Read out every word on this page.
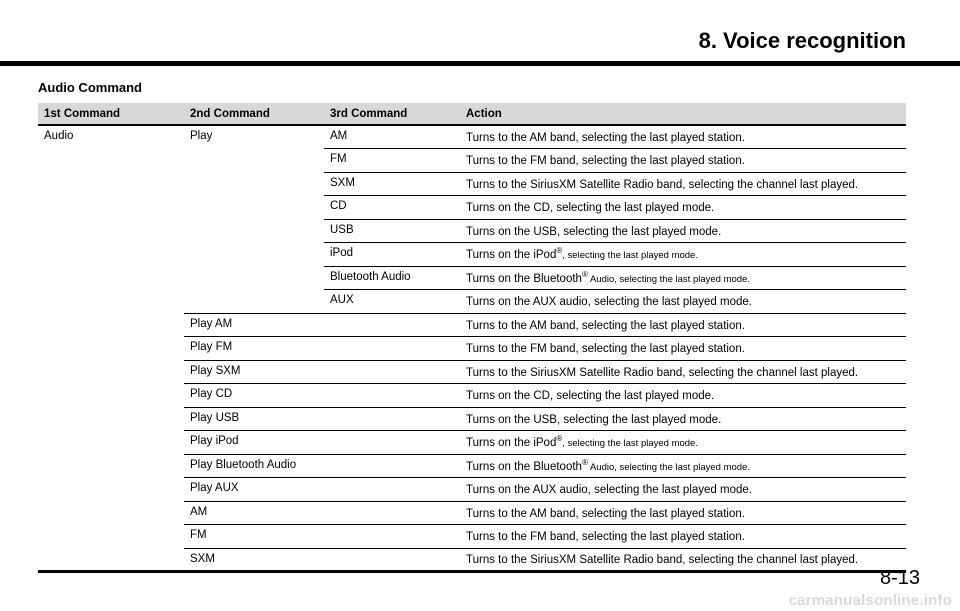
8. Voice recognition
Audio Command
1st Command	2nd Command	3rd Command	Action
Audio	Play	AM	Turns to the AM band, selecting the last played station.
		FM	Turns to the FM band, selecting the last played station.
		SXM	Turns to the SiriusXM Satellite Radio band, selecting the channel last played.
		CD	Turns on the CD, selecting the last played mode.
		USB	Turns on the USB, selecting the last played mode.
		iPod	Turns on the iPod®, selecting the last played mode.
		Bluetooth Audio	Turns on the Bluetooth® Audio, selecting the last played mode.
		AUX	Turns on the AUX audio, selecting the last played mode.
	Play AM		Turns to the AM band, selecting the last played station.
	Play FM		Turns to the FM band, selecting the last played station.
	Play SXM		Turns to the SiriusXM Satellite Radio band, selecting the channel last played.
	Play CD		Turns on the CD, selecting the last played mode.
	Play USB		Turns on the USB, selecting the last played mode.
	Play iPod		Turns on the iPod®, selecting the last played mode.
	Play Bluetooth Audio		Turns on the Bluetooth® Audio, selecting the last played mode.
	Play AUX		Turns on the AUX audio, selecting the last played mode.
	AM		Turns to the AM band, selecting the last played station.
	FM		Turns to the FM band, selecting the last played station.
	SXM		Turns to the SiriusXM Satellite Radio band, selecting the channel last played.
8-13
carmanualsonline.info
